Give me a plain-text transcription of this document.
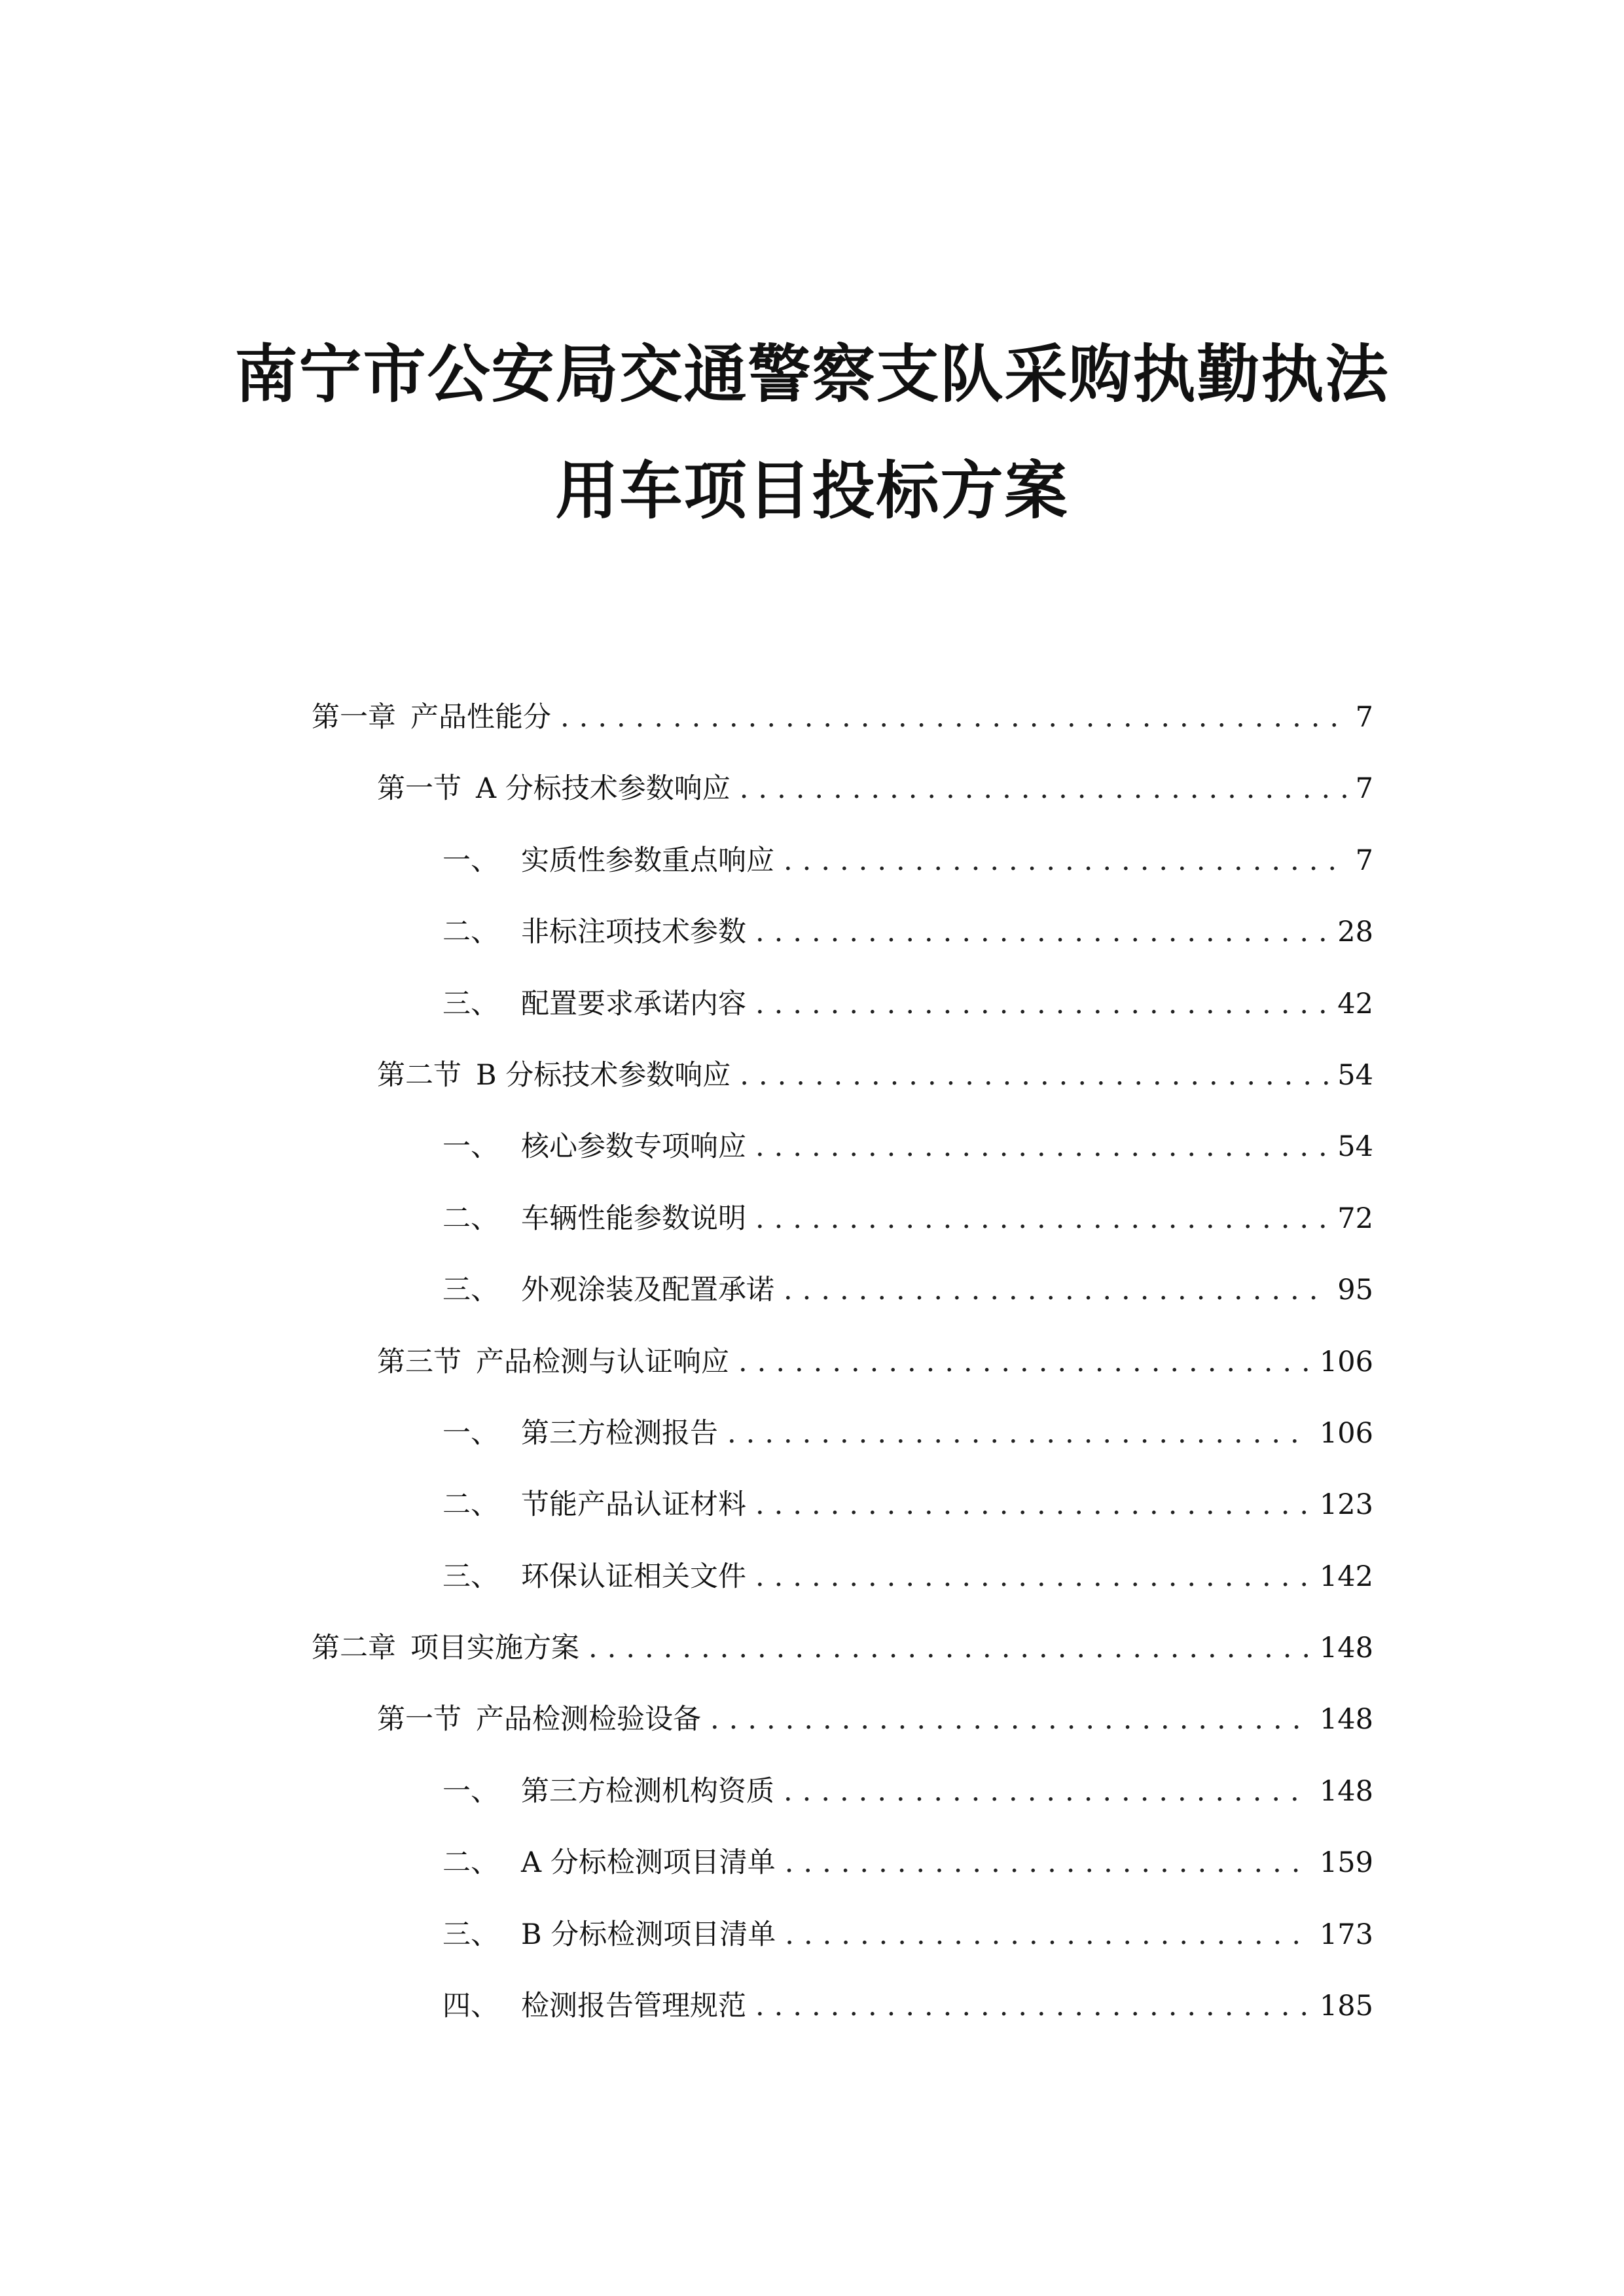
南宁市公安局交通警察支队采购执勤执法
用车项目投标方案
第一章 产品性能分 .....	7
第一节 A 分标技术参数响应 .....	7
一、 实质性参数重点响应 .....	7
二、 非标注项技术参数 .....	28
三、 配置要求承诺内容 .....	42
第二节 B 分标技术参数响应 .....	54
一、 核心参数专项响应 .....	54
二、 车辆性能参数说明 .....	72
三、 外观涂装及配置承诺 .....	95
第三节 产品检测与认证响应 .....	106
一、 第三方检测报告 .....	106
二、 节能产品认证材料 .....	123
三、 环保认证相关文件 .....	142
第二章 项目实施方案 .....	148
第一节 产品检测检验设备 .....	148
一、 第三方检测机构资质 .....	148
二、 A 分标检测项目清单 .....	159
三、 B 分标检测项目清单 .....	173
四、 检测报告管理规范 .....	185
